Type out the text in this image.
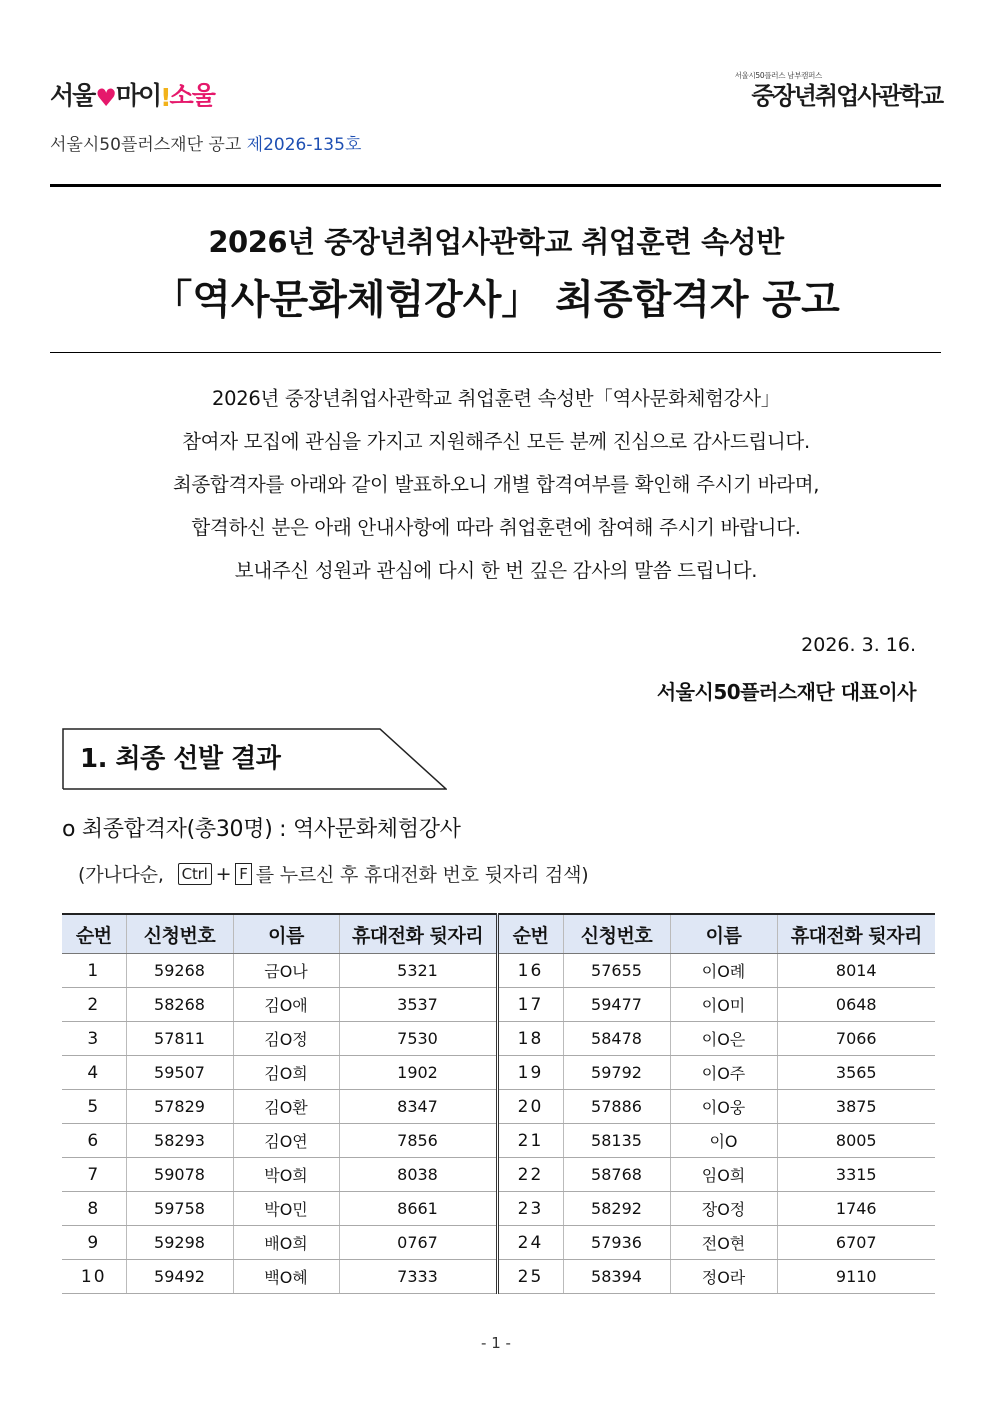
서울 ♥ 마이 ! 소울
서울시50플러스 남부캠퍼스
중장년취업사관학교
서울시50플러스재단 공고 제2026-135호
2026년 중장년취업사관학교 취업훈련 속성반
「역사문화체험강사」 최종합격자 공고
2026년 중장년취업사관학교 취업훈련 속성반「역사문화체험강사」
참여자 모집에 관심을 가지고 지원해주신 모든 분께 진심으로 감사드립니다.
최종합격자를 아래와 같이 발표하오니 개별 합격여부를 확인해 주시기 바라며,
합격하신 분은 아래 안내사항에 따라 취업훈련에 참여해 주시기 바랍니다.
보내주신 성원과 관심에 다시 한 번 깊은 감사의 말씀 드립니다.
2026. 3. 16.
서울시50플러스재단 대표이사
1. 최종 선발 결과
o 최종합격자(총30명) : 역사문화체험강사
(가나다순, Ctrl + F 를 누르신 후 휴대전화 번호 뒷자리 검색)
순번	신청번호	이름	휴대전화 뒷자리	순번	신청번호	이름	휴대전화 뒷자리
1	59268	금O나	5321	16	57655	이O례	8014
2	58268	김O애	3537	17	59477	이O미	0648
3	57811	김O정	7530	18	58478	이O은	7066
4	59507	김O희	1902	19	59792	이O주	3565
5	57829	김O환	8347	20	57886	이O웅	3875
6	58293	김O연	7856	21	58135	이O	8005
7	59078	박O희	8038	22	58768	임O희	3315
8	59758	박O민	8661	23	58292	장O정	1746
9	59298	배O희	0767	24	57936	전O현	6707
10	59492	백O혜	7333	25	58394	정O라	9110
- 1 -
